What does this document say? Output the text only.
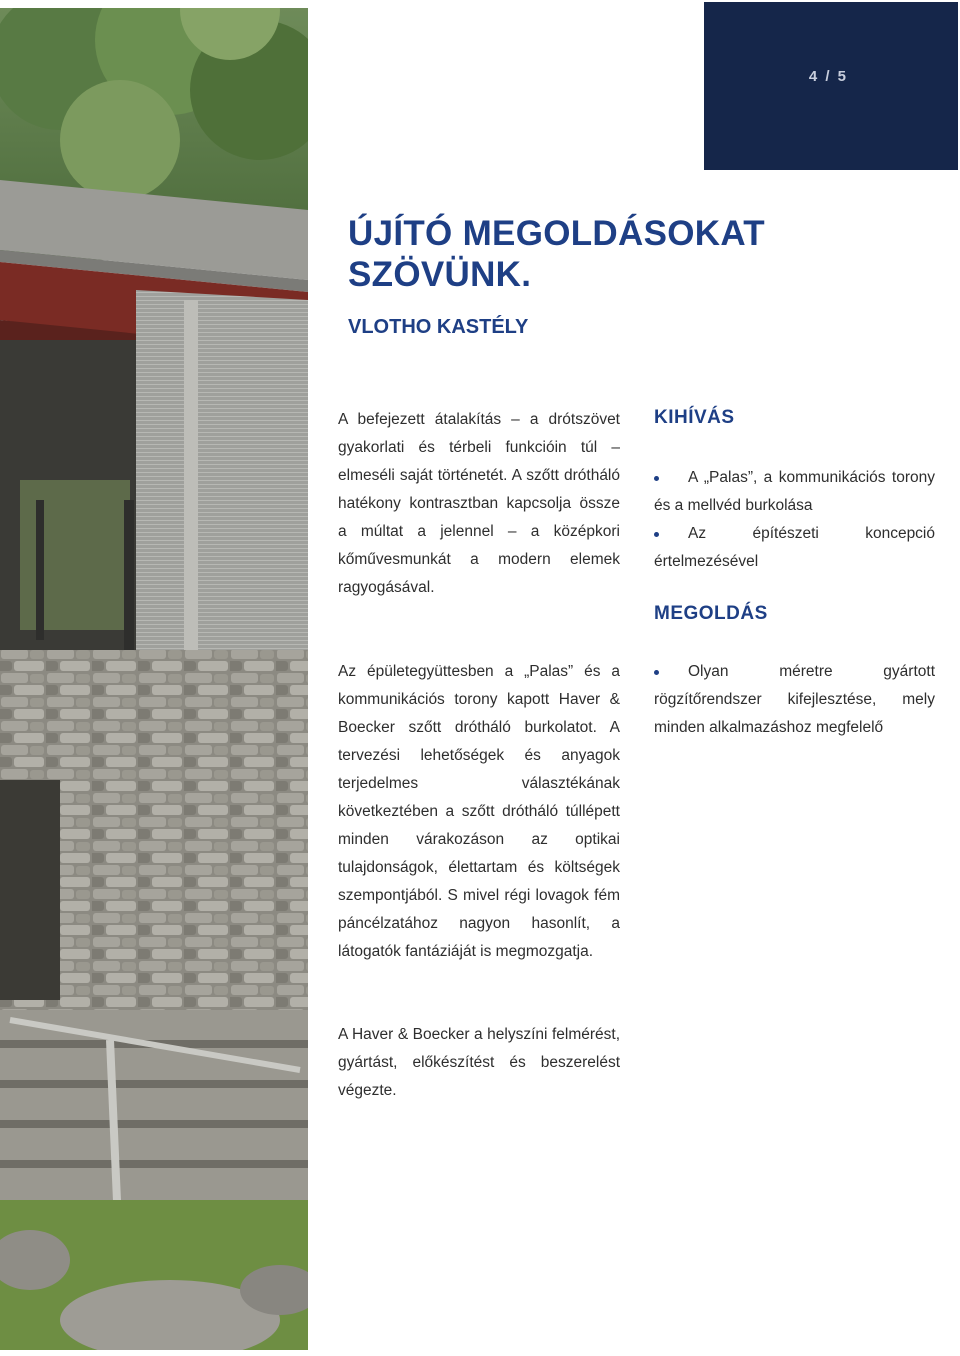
4 / 5
ÚJÍTÓ MEGOLDÁSOKAT
SZÖVÜNK.
VLOTHO KASTÉLY

A befejezett átalakítás – a drótszövet gyakorlati és térbeli funkcióin túl – elmeséli saját történetét. A szőtt drótháló hatékony kontrasztban kapcsolja össze a múltat a jelennel – a középkori kőművesmunkát a modern elemek ragyogásával.

Az épületegyüttesben a „Palas” és a kommunikációs torony kapott Haver & Boecker szőtt drótháló burkolatot. A tervezési lehetőségek és anyagok terjedelmes választékának következtében a szőtt drótháló túllépett minden várakozáson az optikai tulajdonságok, élettartam és költségek szempontjából. S mivel régi lovagok fém páncélzatához nagyon hasonlít, a látogatók fantáziáját is megmozgatja.

A Haver & Boecker a helyszíni felmérést, gyártást, előkészítést és beszerelést végezte.

KIHÍVÁS
A „Palas”, a kommunikációs torony és a mellvéd burkolása
Az építészeti koncepció értelmezésével
MEGOLDÁS
Olyan méretre gyártott rögzítőrendszer kifejlesztése, mely minden alkalmazáshoz megfelelő
